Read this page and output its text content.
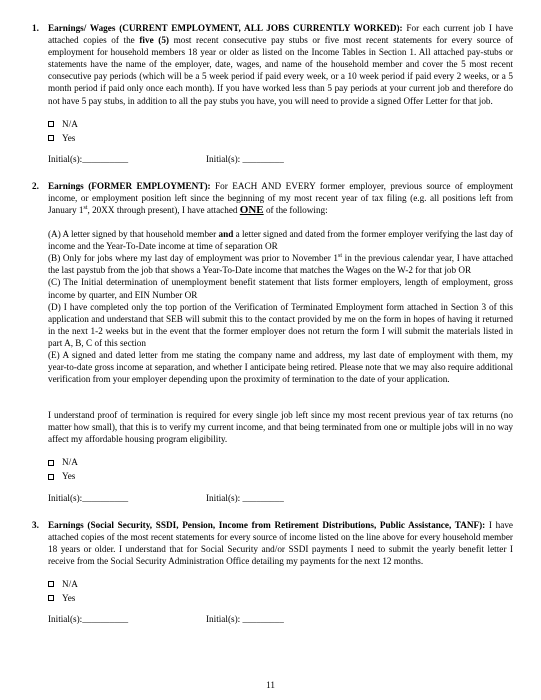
1. Earnings/ Wages (CURRENT EMPLOYMENT, ALL JOBS CURRENTLY WORKED): For each current job I have attached copies of the five (5) most recent consecutive pay stubs or five most recent statements for every source of employment for household members 18 year or older as listed on the Income Tables in Section 1. All attached pay-stubs or statements have the name of the employer, date, wages, and name of the household member and cover the 5 most recent consecutive pay periods (which will be a 5 week period if paid every week, or a 10 week period if paid every 2 weeks, or a 5 month period if paid only once each month). If you have worked less than 5 pay periods at your current job and therefore do not have 5 pay stubs, in addition to all the pay stubs you have, you will need to provide a signed Offer Letter for that job.

N/A
Yes
Initial(s):__________	Initial(s): _________
2. Earnings (FORMER EMPLOYMENT): For EACH AND EVERY former employer, previous source of employment income, or employment position left since the beginning of my most recent year of tax filing (e.g. all positions left from January 1st, 20XX through present), I have attached ONE of the following:

(A) A letter signed by that household member and a letter signed and dated from the former employer verifying the last day of income and the Year-To-Date income at time of separation OR

(B) Only for jobs where my last day of employment was prior to November 1st in the previous calendar year, I have attached the last paystub from the job that shows a Year-To-Date income that matches the Wages on the W-2 for that job OR

(C) The Initial determination of unemployment benefit statement that lists former employers, length of employment, gross income by quarter, and EIN Number OR

(D) I have completed only the top portion of the Verification of Terminated Employment form attached in Section 3 of this application and understand that SEB will submit this to the contact provided by me on the form in hopes of having it returned in the next 1-2 weeks but in the event that the former employer does not return the form I will submit the materials listed in part A, B, C of this section

(E) A signed and dated letter from me stating the company name and address, my last date of employment with them, my year-to-date gross income at separation, and whether I anticipate being retired. Please note that we may also require additional verification from your employer depending upon the proximity of termination to the date of your application.

I understand proof of termination is required for every single job left since my most recent previous year of tax returns (no matter how small), that this is to verify my current income, and that being terminated from one or multiple jobs will in no way affect my affordable housing program eligibility.

N/A
Yes
Initial(s):__________	Initial(s): _________
3. Earnings (Social Security, SSDI, Pension, Income from Retirement Distributions, Public Assistance, TANF): I have attached copies of the most recent statements for every source of income listed on the line above for every household member 18 years or older. I understand that for Social Security and/or SSDI payments I need to submit the yearly benefit letter I receive from the Social Security Administration Office detailing my payments for the next 12 months.

N/A
Yes
Initial(s):__________	Initial(s): _________
11
